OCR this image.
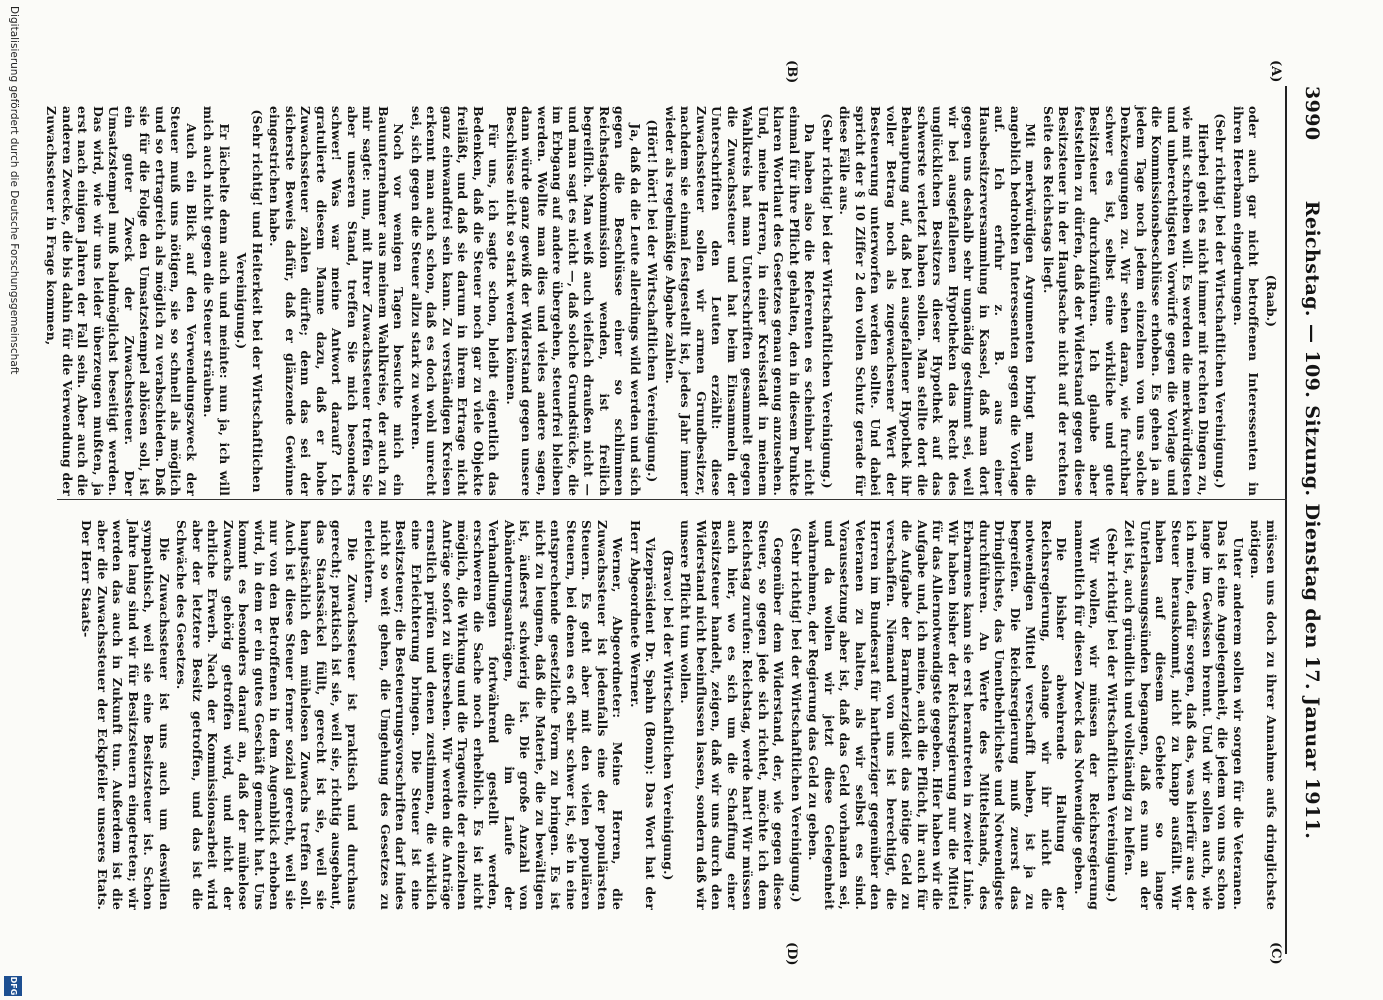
3990
Reichstag. — 109. Sitzung. Dienstag den 17. Januar 1911.
(A)
(B)
(C)
(D)

(Raab.)

oder auch gar nicht betroffenen Interessenten in ihren Heerbann eingedrungen.

(Sehr richtig! bei der Wirtschaftlichen Vereinigung.)

Hierbei geht es nicht immer mit rechten Dingen zu, wie mit schreiben will. Es werden die merkwürdigsten und unberechtigsten Vorwürfe gegen die Vorlage und die Kommissionsbeschlüsse erhoben. Es gehen ja an jedem Tage noch jedem einzelnen von uns solche Denkzeugungen zu. Wir sehen daran, wie furchtbar schwer es ist, selbst eine wirkliche und gute Besitzsteuer durchzuführen. Ich glaube aber feststellen zu dürfen, daß der Widerstand gegen diese Besitzsteuer in der Hauptsache nicht auf der rechten Seite des Reichstags liegt.

Mit merkwürdigen Argumenten bringt man die angeblich bedrohten Interessenten gegen die Vorlage auf. Ich erfuhr z. B. aus einer Hausbesitzerversammlung in Kassel, daß man dort gegen uns deshalb sehr ungnädig gestimmt sei, weil wir bei ausgefallenen Hypotheken das Recht des unglücklichen Besitzers dieser Hypothek auf das schwerste verletzt haben sollen. Man stellte dort die Behauptung auf, daß bei ausgefallener Hypothek ihr voller Betrag noch als zugewachsener Wert der Besteuerung unterworfen werden sollte. Und dabei spricht der § 10 Ziffer 2 den vollen Schutz gerade für diese Fälle aus.

(Sehr richtig! bei der Wirtschaftlichen Vereinigung.)

Da haben also die Referenten es scheinbar nicht einmal für ihre Pflicht gehalten, den in diesem Punkte klaren Wortlaut des Gesetzes genau genug anzusehen. Und, meine Herren, in einer Kreisstadt in meinem Wahlkreis hat man Unterschriften gesammelt gegen die Zuwachssteuer und hat beim Einsammeln der Unterschriften den Leuten erzählt: diese Zuwachssteuer sollen wir armen Grundbesitzer, nachdem sie einmal festgestellt ist, jedes Jahr immer wieder als regelmäßige Abgabe zahlen.

(Hört! hört! bei der Wirtschaftlichen Vereinigung.)

Ja, daß da die Leute allerdings wild werden und sich gegen die Beschlüsse einer so schlimmen Reichstagskommission wenden, ist freilich begreiflich. Man weiß auch vielfach draußen nicht — und man sagt es nicht —, daß solche Grundstücke, die im Erbgang auf andere übergehen, steuerfrei bleiben werden. Wollte man dies und vieles andere sagen, dann würde ganz gewiß der Widerstand gegen unsere Beschlüsse nicht so stark werden können.

Für uns, ich sagte schon, bleibt eigentlich das Bedenken, daß die Steuer noch gar zu viele Objekte freiläßt, und daß sie darum in ihrem Ertrage nicht ganz einwandfrei sein kann. Zu verständigen Kreisen erkennt man auch schon, daß es doch wohl unrecht sei, sich gegen die Steuer allzu stark zu wehren.

Noch vor wenigen Tagen besuchte mich ein Bauunternehmer aus meinem Wahlkreise, der auch zu mir sagte: nun, mit Ihrer Zuwachssteuer treffen Sie aber unseren Stand, treffen Sie mich besonders schwer! Was war meine Antwort darauf? Ich gratulierte diesem Manne dazu, daß er hohe Zuwachssteuer zahlen dürfte; denn das sei der sicherste Beweis dafür, daß er glänzende Gewinne eingestrichen habe.

(Sehr richtig! und Heiterkeit bei der Wirtschaftlichen Vereinigung.)

Er lächelte denn auch und meinte: nun ja, ich will mich auch nicht gegen die Steuer sträuben.

Auch ein Blick auf den Verwendungszweck der Steuer muß uns nötigen, sie so schnell als möglich und so ertragreich als möglich zu verabschieden. Daß sie für die Folge den Umsatzstempel ablösen soll, ist ein guter Zweck der Zuwachssteuer. Der Umsatzstempel muß baldmöglichst beseitigt werden. Das wird, wie wir uns leider überzeugen mußten, ja erst nach einigen Jahren der Fall sein. Aber auch die anderen Zwecke, die bis dahin für die Verwendung der Zuwachssteuer in Frage kommen,

müssen uns doch zu ihrer Annahme aufs dringlichste nötigen.

Unter anderem sollen wir sorgen für die Veteranen. Das ist eine Angelegenheit, die jedem von uns schon lange im Gewissen brennt. Und wir sollen auch, wie ich meine, dafür sorgen, daß das, was hierfür aus der Steuer herauskommt, nicht zu knapp ausfällt. Wir haben auf diesem Gebiete so lange Unterlassungssünden begangen, daß es nun an der Zeit ist, auch gründlich und vollständig zu helfen.

(Sehr richtig! bei der Wirtschaftlichen Vereinigung.)

Wir wollen, wir müssen der Reichsregierung namentlich für diesen Zweck das Notwendige geben.

Die bisher abwehrende Haltung der Reichsregierung, solange wir ihr nicht die notwendigen Mittel verschafft haben, ist ja zu begreifen. Die Reichsregierung muß zuerst das Dringlichste, das Unentbehrlichste und Notwendigste durchführen. An Werte des Mittelstands, des Erbarmens kann sie erst herantreten in zweiter Linie. Wir haben bisher der Reichsregierung nur die Mittel für das Allernotwendigste gegeben. Hier haben wir die Aufgabe und, ich meine, auch die Pflicht, ihr auch für die Aufgabe der Barmherzigkeit das nötige Geld zu verschaffen. Niemand von uns ist berechtigt, die Herren im Bundesrat für hartherziger gegenüber den Veteranen zu halten, als wir selbst es sind. Voraussetzung aber ist, daß das Geld vorhanden sei, und da wollen wir jetzt diese Gelegenheit wahrnehmen, der Regierung das Geld zu geben.

(Sehr richtig! bei der Wirtschaftlichen Vereinigung.)

Gegenüber dem Widerstand, der, wie gegen diese Steuer, so gegen jede sich richtet, möchte ich dem Reichstag zurufen: Reichstag, werde hart! Wir müssen auch hier, wo es sich um die Schaffung einer Besitzsteuer handelt, zeigen, daß wir uns durch den Widerstand nicht beeinflussen lassen, sondern daß wir unsere Pflicht tun wollen.

(Bravo! bei der Wirtschaftlichen Vereinigung.)

Vizepräsident Dr. Spahn (Bonn): Das Wort hat der Herr Abgeordnete Werner.

Werner, Abgeordneter: Meine Herren, die Zuwachssteuer ist jedenfalls eine der populärsten Steuern. Es geht aber mit den vielen populären Steuern, bei denen es oft sehr schwer ist, sie in eine entsprechende gesetzliche Form zu bringen. Es ist nicht zu leugnen, daß die Materie, die zu bewältigen ist, äußerst schwierig ist. Die große Anzahl von Abänderungsanträgen, die im Laufe der Verhandlungen fortwährend gestellt werden, erschweren die Sache noch erheblich. Es ist nicht möglich, die Wirkung und die Tragweite der einzelnen Anträge sofort zu übersehen. Wir werden die Anträge ernstlich prüfen und denen zustimmen, die wirklich eine Erleichterung bringen. Die Steuer ist eine Besitzsteuer; die Besteuerungsvorschriften darf indes nicht so weit gehen, die Umgehung des Gesetzes zu erleichtern.

Die Zuwachssteuer ist praktisch und durchaus gerecht; praktisch ist sie, weil sie, richtig ausgebaut, das Staatssäckel füllt, gerecht ist sie, weil sie hauptsächlich den mühelosen Zuwachs treffen soll. Auch ist diese Steuer ferner sozial gerecht, weil sie nur von den Betroffenen in dem Augenblick erhoben wird, in dem er ein gutes Geschäft gemacht hat. Uns kommt es besonders darauf an, daß der mühelose Zuwachs gehörig getroffen wird, und nicht der ehrliche Erwerb. Nach der Kommissionsarbeit wird aber der letztere Besitz getroffen, und das ist die Schwäche des Gesetzes.

Die Zuwachssteuer ist uns auch um deswillen sympathisch, weil sie eine Besitzsteuer ist. Schon Jahre lang sind wir für Besitzsteuern eingetreten; wir werden das auch in Zukunft tun. Außerdem ist die aber die Zuwachssteuer der Eckpfeiler unseres Etats. Der Herr Staats-

Digitalisierung gefördert durch die Deutsche Forschungsgemeinschaft
DFG
